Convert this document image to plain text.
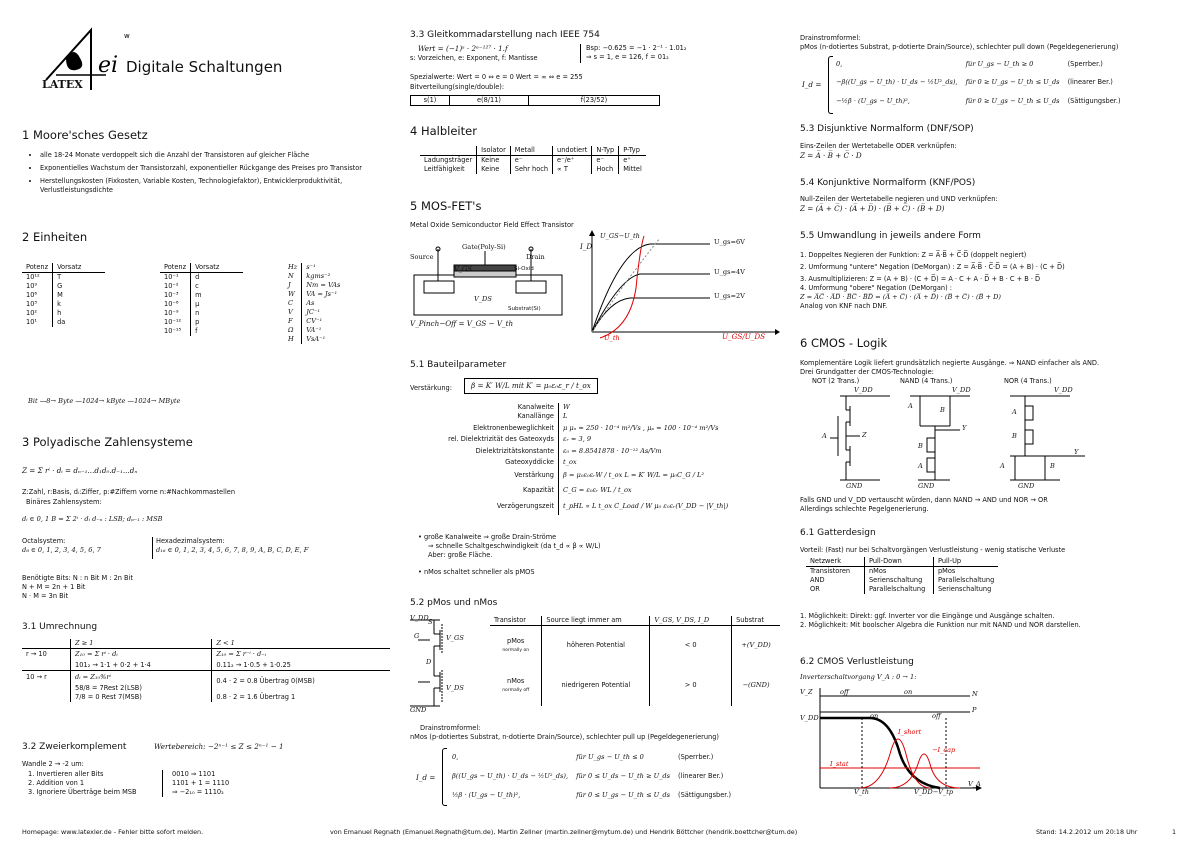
ei
w
LATEX
Digitale Schaltungen
1 Moore'sches Gesetz
• alle 18-24 Monate verdoppelt sich die Anzahl der Transistoren auf gleicher Fläche
• Exponentielles Wachstum der Transistorzahl, exponentieller Rückgange des Preises pro Transistor
• Herstellungskosten (Fixkosten, Variable Kosten, Technologiefaktor), Entwicklerproduktivität, Verlustleistungsdichte
2 Einheiten
Potenz	Vorsatz
10¹²	T
10⁹	G
10⁶	M
10³	k
10²	h
10¹	da
Potenz	Vorsatz
10⁻¹	d
10⁻²	c
10⁻³	m
10⁻⁶	µ
10⁻⁹	n
10⁻¹²	p
10⁻¹⁵	f
Hz	s⁻¹
N	kgms⁻²
J	Nm = VAs
W	VA = Js⁻¹
C	As
V	JC⁻¹
F	CV⁻¹
Ω	VA⁻¹
H	VsA⁻¹
Bit —8→ Byte —1024→ kByte —1024→ MByte
3 Polyadische Zahlensysteme
Z = Σ rⁱ · dᵢ = dₙ₋₁...d₁d₀.d₋₁...dₙ
Z:Zahl, r:Basis, dᵢ:Ziffer, p:#Ziffern vorne n:#Nachkommastellen
Binäres Zahlensystem:
dᵢ ∈ 0, 1 B = Σ 2ⁱ · dᵢ d₋ₙ : LSB; dₚ₋₁ : MSB
Octalsystem:
d₈ ∈ 0, 1, 2, 3, 4, 5, 6, 7
Hexadezimalsystem:
d₁₆ ∈ 0, 1, 2, 3, 4, 5, 6, 7, 8, 9, A, B, C, D, E, F
Benötigte Bits: N : n Bit M : 2n Bit
N + M = 2n + 1 Bit
N · M = 3n Bit
3.1 Umrechnung
	Z ≥ 1	Z < 1
r → 10	Z₁₀ = Σ rⁱ · dᵢ	Z₁₀ = Σ r⁻ⁱ · d₋ᵢ
	101₂ → 1·1 + 0·2 + 1·4	0.11₂ → 1·0.5 + 1·0.25
10 → r	dᵢ = Z₁₀%rⁱ	0.4 · 2 = 0.8 Übertrag 0(MSB)
	58/8 = 7Rest 2(LSB)	
	7/8 = 0 Rest 7(MSB)	0.8 · 2 = 1.6 Übertrag 1
3.2 Zweierkomplement	Wertebereich: −2ⁿ⁻¹ ≤ Z ≤ 2ⁿ⁻¹ − 1
Wandle 2 → -2 um:
1. Invertieren aller Bits
2. Addition von 1
3. Ignoriere Überträge beim MSB
0010 ⇒ 1101
1101 + 1 = 1110
⇒ −2₁₀ = 1110₂
3.3 Gleitkommadarstellung nach IEEE 754
Wert = (−1)ˢ · 2ᵉ⁻¹²⁷ · 1.f
s: Vorzeichen, e: Exponent, f: Mantisse
Bsp: −0.625 = −1 · 2⁻¹ · 1.01₂
⇒ s = 1, e = 126, f = 01₂
Spezialwerte: Wert = 0 ⇔ e = 0 Wert = ∞ ⇔ e = 255
Bitverteilung(single/double):
s(1)	e(8/11)	f(23/52)
4 Halbleiter
	Isolator	Metall	undotiert	N-Typ	P-Typ
Ladungsträger	Keine	e⁻	e⁻/e⁺	e⁻	e⁺
Leitfähigkeit	Keine	Sehr hoch	∝ T	Hoch	Mittel
5 MOS-FET's
Metal Oxide Semiconductor Field Effect Transistor
Source
Gate(Poly-Si)
Drain
V_GS
V_DS
Si-Oxid
Substrat(Si)
V_Pinch−Off = V_GS − V_th
I_D
U_GS−U_th
U_gs=6V
U_gs=4V
U_gs=2V
U_th	U_GS/U_DS
5.1 Bauteilparameter
Verstärkung:	β = K′ W/L mit K′ = μ₀ε₀ε_r / t_ox
Kanalweite	W
Kanallänge	L
Elektronenbeweglichkeit	μ μₙ ≈ 250 · 10⁻⁴ m²/Vs , μₚ ≈ 100 · 10⁻⁴ m²/Vs
rel. Dielektrizität des Gateoxyds	εᵣ ≈ 3, 9
Dielektrizitätskonstante	ε₀ = 8.8541878 · 10⁻¹² As/Vm
Gateoxyddicke	t_ox
Verstärkung	β = μ₀ε₀εᵣW / t_ox L = K′ W/L = μ₀C_G / L²
Kapazität	C_G = ε₀εᵣ WL / t_ox
Verzögerungszeit	t_pHL ∝ L t_ox C_Load / W μ₀ ε₀εᵣ(V_DD − |V_th|)
• große Kanalweite ⇒ große Drain-Ströme
⇒ schnelle Schaltgeschwindigkeit (da t_d ∝ β ∝ W/L)
Aber: große Fläche.
• nMos schaltet schneller als pMOS
5.2 pMos und nMos
V_DD
GND
S
D
G	V_GS
V_DS
Transistor	Source liegt immer am	V_GS, V_DS, I_D	Substrat

pMos
normally on	höheren Potential	< 0	+(V_DD)

nMos
normally off	niedrigeren Potential	> 0	−(GND)
Drainstromformel:
nMos (p-dotiertes Substrat, n-dotierte Drain/Source), schlechter pull up (Pegeldegenerierung)
I_d =
0,	für U_gs − U_th ≤ 0	(Sperrber.)
β((U_gs − U_th) · U_ds − ½U²_ds),	für 0 ≤ U_ds − U_th ≥ U_ds	(linearer Ber.)
½β · (U_gs − U_th)²,	für 0 ≤ U_gs − U_th ≤ U_ds	(Sättigungsber.)
Drainstromformel:
pMos (n-dotiertes Substrat, p-dotierte Drain/Source), schlechter pull down (Pegeldegenerierung)
I_d =
0,	für U_gs − U_th ≥ 0	(Sperrber.)
−β((U_gs − U_th) · U_ds − ½U²_ds),	für 0 ≥ U_gs − U_th ≤ U_ds	(linearer Ber.)
−½β · (U_gs − U_th)²,	für 0 ≥ U_gs − U_th ≤ U_ds	(Sättigungsber.)
5.3 Disjunktive Normalform (DNF/SOP)
Eins-Zeilen der Wertetabelle ODER verknüpfen:
Z = A̅ · B̅ + C̅ · D
5.4 Konjunktive Normalform (KNF/POS)
Null-Zeilen der Wertetabelle negieren und UND verknüpfen:
Z = (A̅ + C̅) · (A̅ + D̅) · (B̅ + C̅) · (B̅ + D)
5.5 Umwandlung in jeweils andere Form
1. Doppeltes Negieren der Funktion: Z = A̅·B̅ + C̅·D̅ (doppelt negiert)
2. Umformung "untere" Negation (DeMorgan) : Z = A̅·B̅ · C̅·D̅ = (A + B) · (C + D̅)
3. Ausmultiplizieren: Z = (A + B) · (C + D̅) = A · C + A · D̅ + B · C + B · D̅
4. Umformung "obere" Negation (DeMorgan) :
Z = A̅C̅ · A̅D̅ · B̅C̅ · B̅D̅ = (A̅ + C̅) · (A̅ + D̅) · (B̅ + C̅) · (B̅ + D)
Analog von KNF nach DNF.
6 CMOS - Logik
Komplementäre Logik liefert grundsätzlich negierte Ausgänge. ⇒ NAND einfacher als AND.
Drei Grundgatter der CMOS-Technologie:
NOT (2 Trans.)	NAND (4 Trans.)	NOR (4 Trans.)
V_DD
GND
A	Z
V_DD
GND
A	B
B
A
Y
V_DD
GND
A
B
A	B
Y
Falls GND und V_DD vertauscht würden, dann NAND → AND und NOR → OR
Allerdings schlechte Pegelgenerierung.
6.1 Gatterdesign
Vorteil: (Fast) nur bei Schaltvorgängen Verlustleistung - wenig statische Verluste
Netzwerk	Pull-Down	Pull-Up
Transistoren	nMos	pMos
AND	Serienschaltung	Parallelschaltung
OR	Parallelschaltung	Serienschaltung
1. Möglichkeit: Direkt: ggf. Inverter vor die Eingänge und Ausgänge schalten.
2. Möglichkeit: Mit boolscher Algebra die Funktion nur mit NAND und NOR darstellen.
6.2 CMOS Verlustleistung
Inverterschaltvorgang V_A : 0 → 1:
V_Z
V_DD
off	on
on	off
N
P
I_stat
I_short
−I_cap
V_th	V_DD−V_tp
V_A
Homepage: www.latexler.de - Fehler bitte sofort melden.	von Emanuel Regnath (Emanuel.Regnath@tum.de), Martin Zellner (martin.zellner@mytum.de) und Hendrik Böttcher (hendrik.boettcher@tum.de)	Stand: 14.2.2012 um 20:18 Uhr	1
